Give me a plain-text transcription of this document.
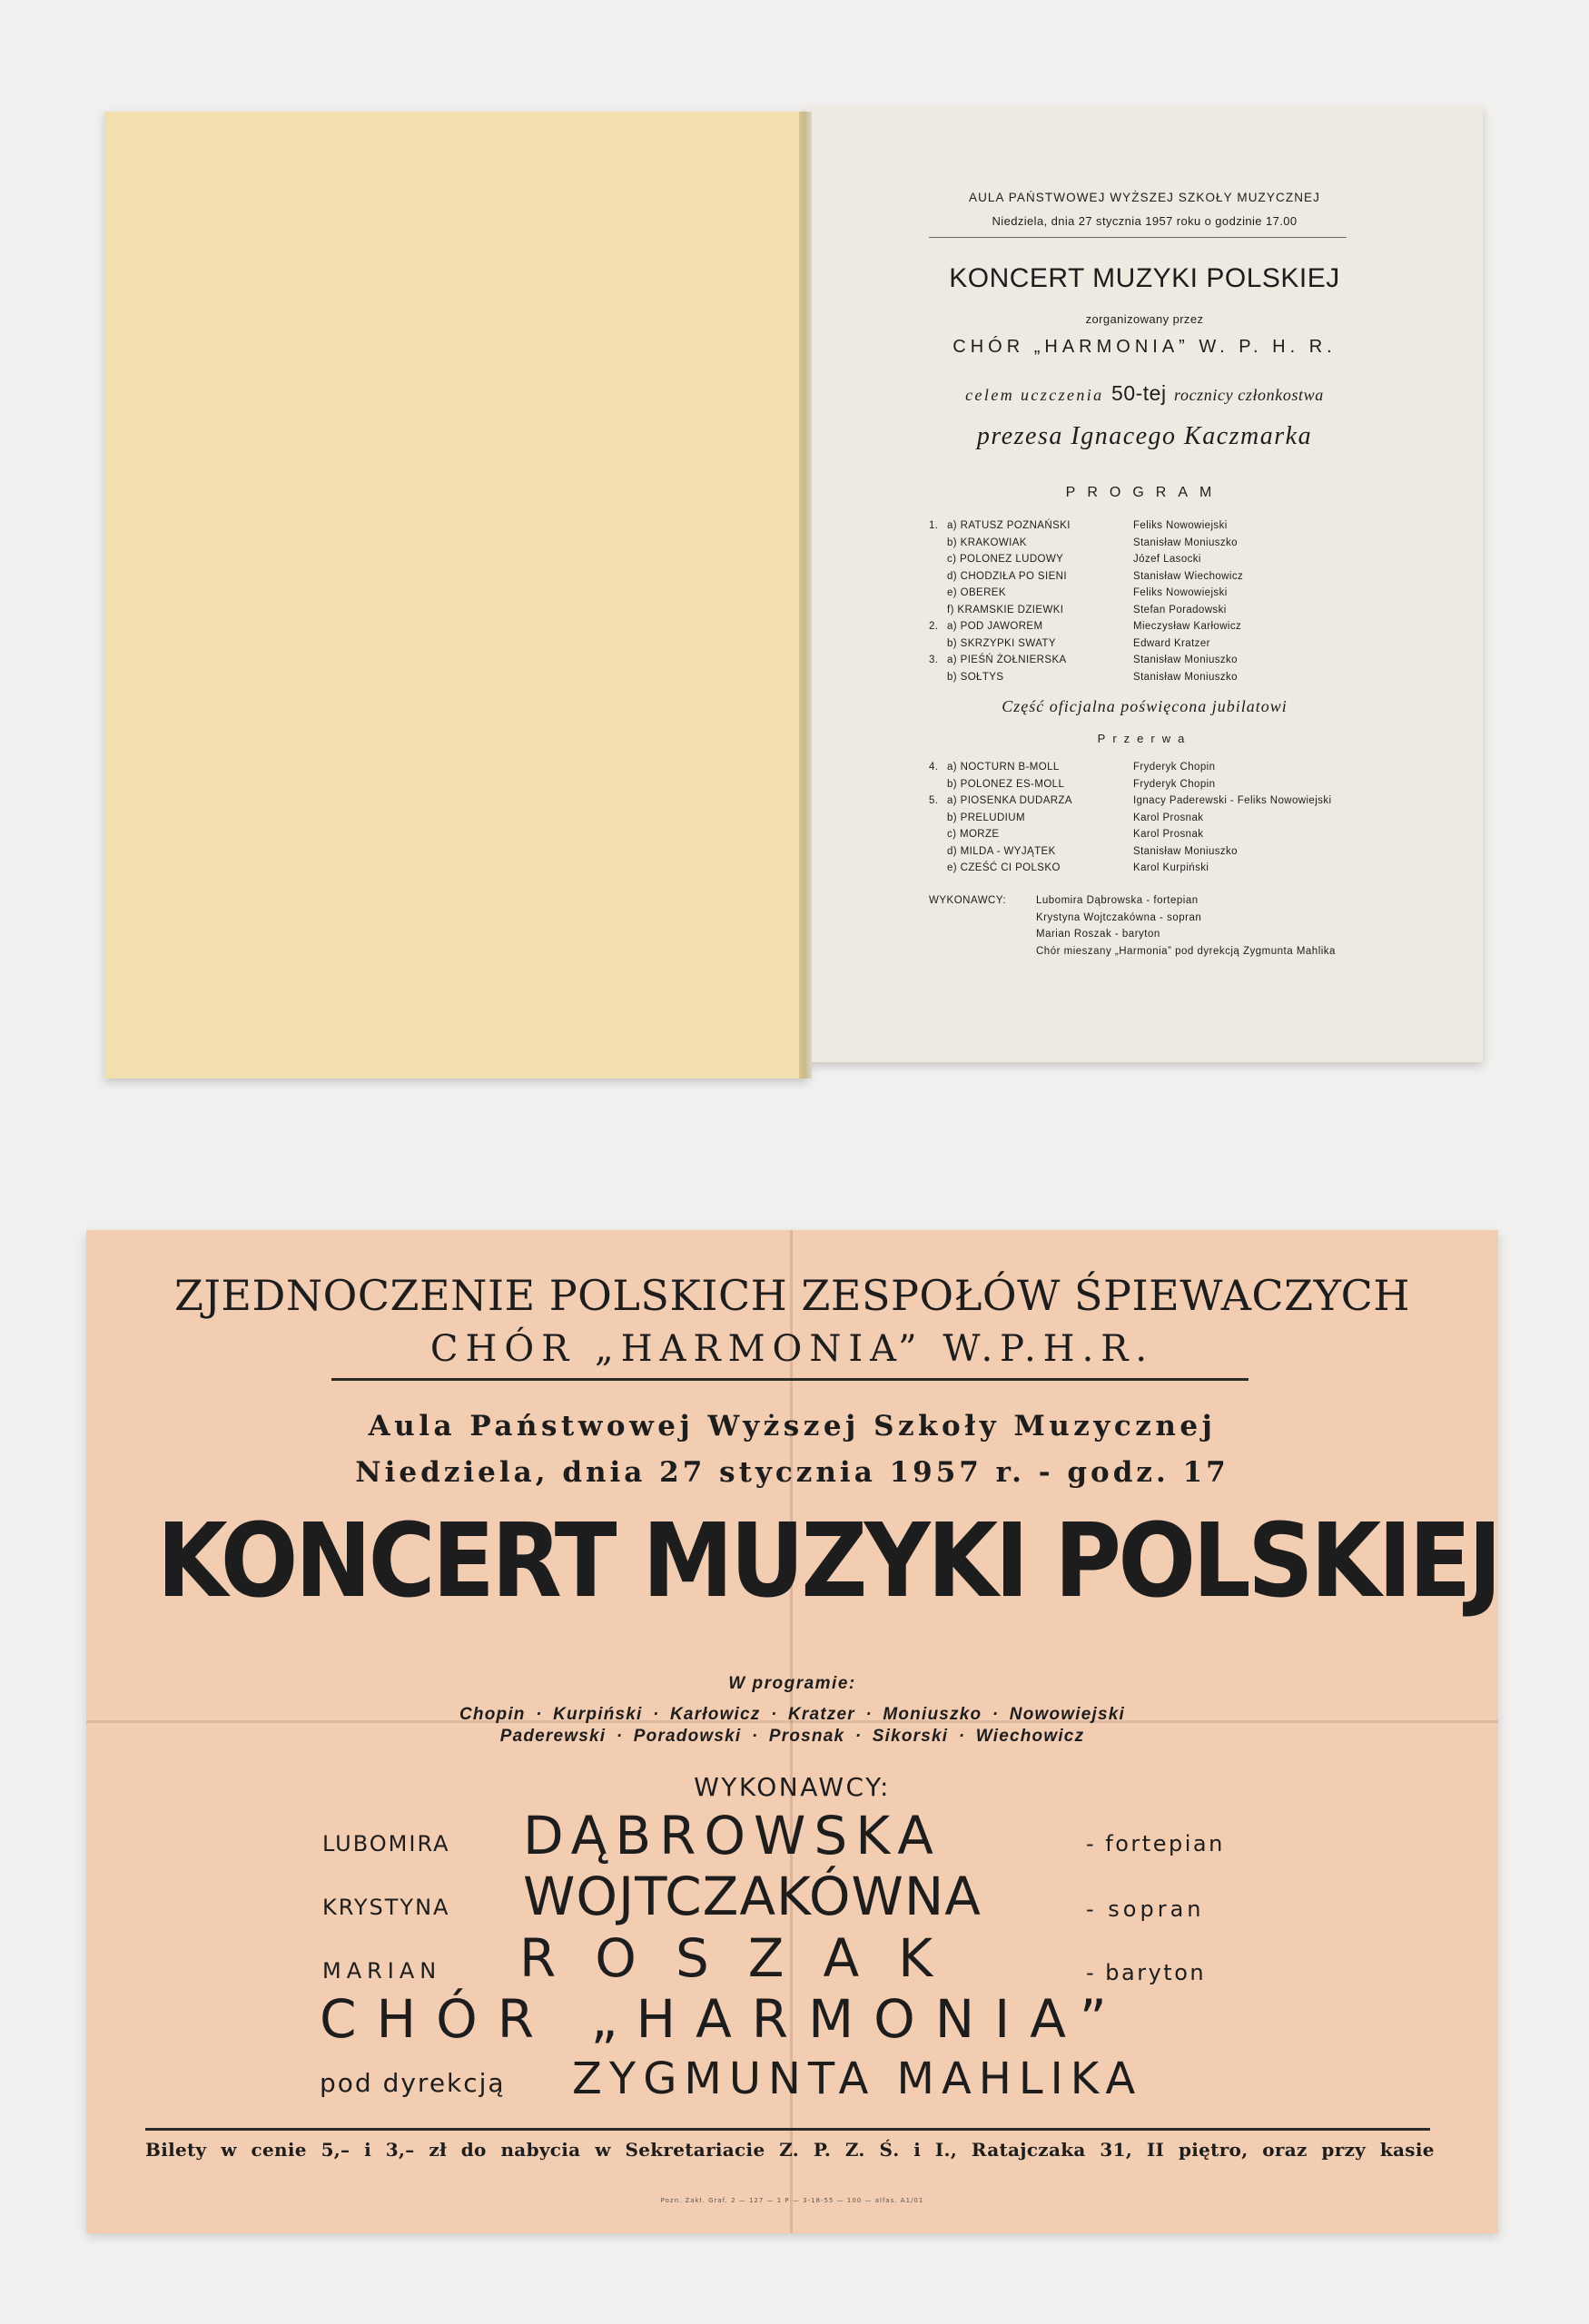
AULA PAŃSTWOWEJ WYŻSZEJ SZKOŁY MUZYCZNEJ
Niedziela, dnia 27 stycznia 1957 roku o godzinie 17.00
KONCERT MUZYKI POLSKIEJ
zorganizowany przez
CHÓR „HARMONIA” W. P. H. R.
celem uczczenia 50-tej rocznicy członkostwa
prezesa Ignacego Kaczmarka
PROGRAM
1. a) RATUSZ POZNAŃSKI	Feliks Nowowiejski
b) KRAKOWIAK	Stanisław Moniuszko
c) POLONEZ LUDOWY	Józef Lasocki
d) CHODZIŁA PO SIENI	Stanisław Wiechowicz
e) OBEREK	Feliks Nowowiejski
f) KRAMSKIE DZIEWKI	Stefan Poradowski
2. a) POD JAWOREM	Mieczysław Karłowicz
b) SKRZYPKI SWATY	Edward Kratzer
3. a) PIEŚŃ ŻOŁNIERSKA	Stanisław Moniuszko
b) SOŁTYS	Stanisław Moniuszko
Część oficjalna poświęcona jubilatowi
Przerwa
4. a) NOCTURN B-MOLL	Fryderyk Chopin
b) POLONEZ ES-MOLL	Fryderyk Chopin
5. a) PIOSENKA DUDARZA	Ignacy Paderewski - Feliks Nowowiejski
b) PRELUDIUM	Karol Prosnak
c) MORZE	Karol Prosnak
d) MILDA - WYJĄTEK	Stanisław Moniuszko
e) CZEŚĆ CI POLSKO	Karol Kurpiński
WYKONAWCY:	Lubomira Dąbrowska - fortepian
Krystyna Wojtczakówna - sopran
Marian Roszak - baryton
Chór mieszany „Harmonia” pod dyrekcją Zygmunta Mahlika
ZJEDNOCZENIE POLSKICH ZESPOŁÓW ŚPIEWACZYCH
CHÓR „HARMONIA” W.P.H.R.
Aula Państwowej Wyższej Szkoły Muzycznej
Niedziela, dnia 27 stycznia 1957 r. - godz. 17
KONCERT MUZYKI POLSKIEJ
W programie:
Chopin · Kurpiński · Karłowicz · Kratzer · Moniuszko · Nowowiejski
Paderewski · Poradowski · Prosnak · Sikorski · Wiechowicz
WYKONAWCY:
LUBOMIRA DĄBROWSKA	- fortepian
KRYSTYNA WOJTCZAKÓWNA	- sopran
MARIAN ROSZAK	- baryton
CHÓR „HARMONIA”
pod dyrekcją ZYGMUNTA MAHLIKA
Bilety w cenie 5,– i 3,– zł do nabycia w Sekretariacie Z. P. Z. Ś. i I., Ratajczaka 31, II piętro, oraz przy kasie
Pozn. Zakł. Graf. 2 — 127 — 1 P — 3-18-55 — 100 — alfas. A1/01
